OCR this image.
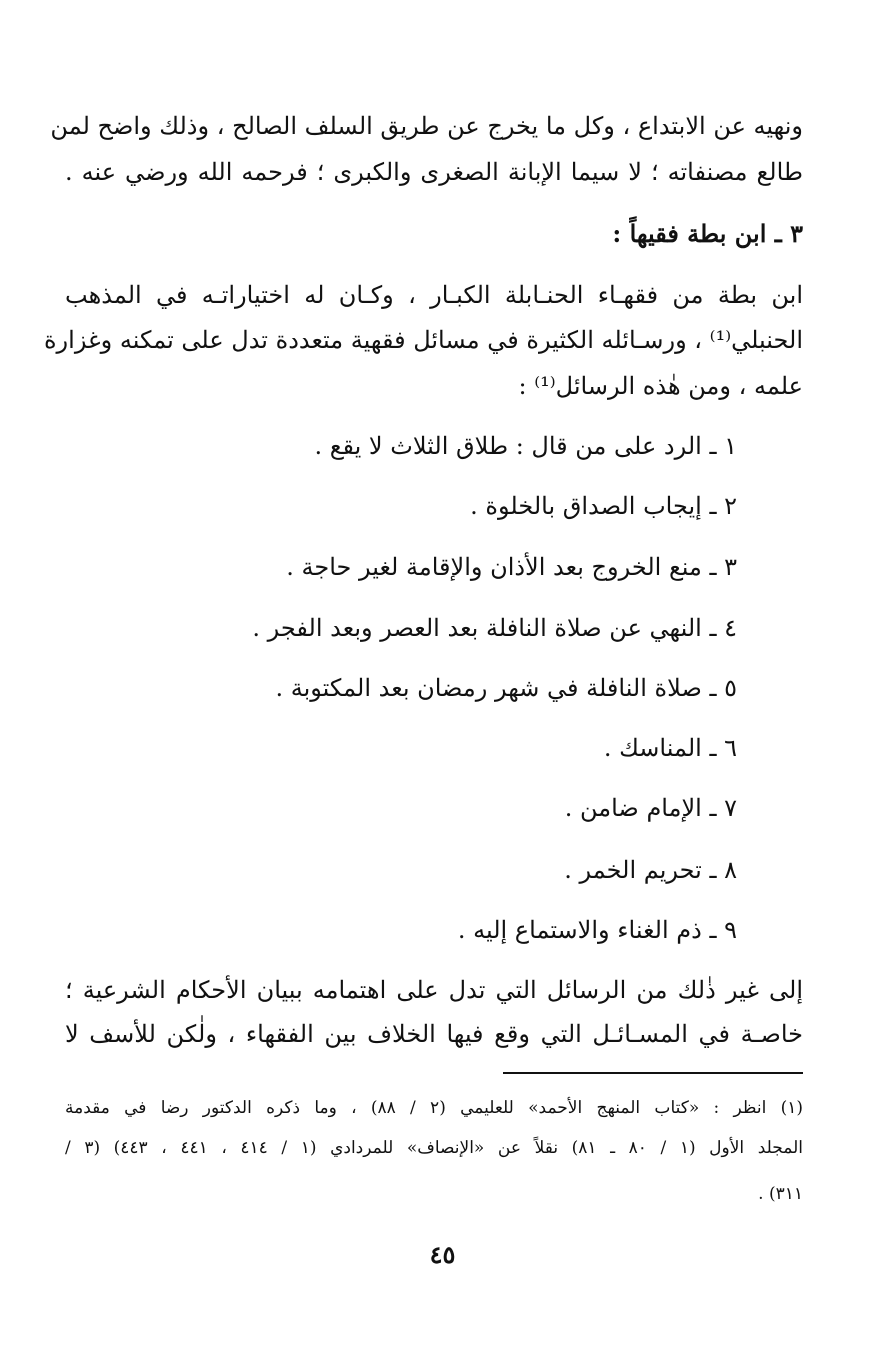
ونهيه عن الابتداع ، وكل ما يخرج عن طريق السلف الصالح ، وذلك واضح لمن
طالع مصنفاته ؛ لا سيما الإبانة الصغرى والكبرى ؛ فرحمه الله ورضي عنه .
٣ ـ ابن بطة فقيهاً :
ابن بطة من فقهـاء الحنـابلة الكبـار ، وكـان له اختياراتـه في المذهب
الحنبلي⁽¹⁾ ، ورسـائله الكثيرة في مسائل فقهية متعددة تدل على تمكنه وغزارة
علمه ، ومن هٰذه الرسائل⁽¹⁾ :
١ ـ الرد على من قال : طلاق الثلاث لا يقع .
٢ ـ إيجاب الصداق بالخلوة .
٣ ـ منع الخروج بعد الأذان والإقامة لغير حاجة .
٤ ـ النهي عن صلاة النافلة بعد العصر وبعد الفجر .
٥ ـ صلاة النافلة في شهر رمضان بعد المكتوبة .
٦ ـ المناسك .
٧ ـ الإمام ضامن .
٨ ـ تحريم الخمر .
٩ ـ ذم الغناء والاستماع إليه .
إلى غير ذٰلك من الرسائل التي تدل على اهتمامه ببيان الأحكام الشرعية ؛
خاصـة في المسـائـل التي وقع فيها الخلاف بين الفقهاء ، ولٰكن للأسف لا
(١) انظر : «كتاب المنهج الأحمد» للعليمي (٢ / ٨٨) ، وما ذكره الدكتور رضا في مقدمة
المجلد الأول (١ / ٨٠ ـ ٨١) نقلاً عن «الإنصاف» للمردادي (١ / ٤١٤ ، ٤٤١ ، ٤٤٣) (٣ /
٣١١) .
٤٥
